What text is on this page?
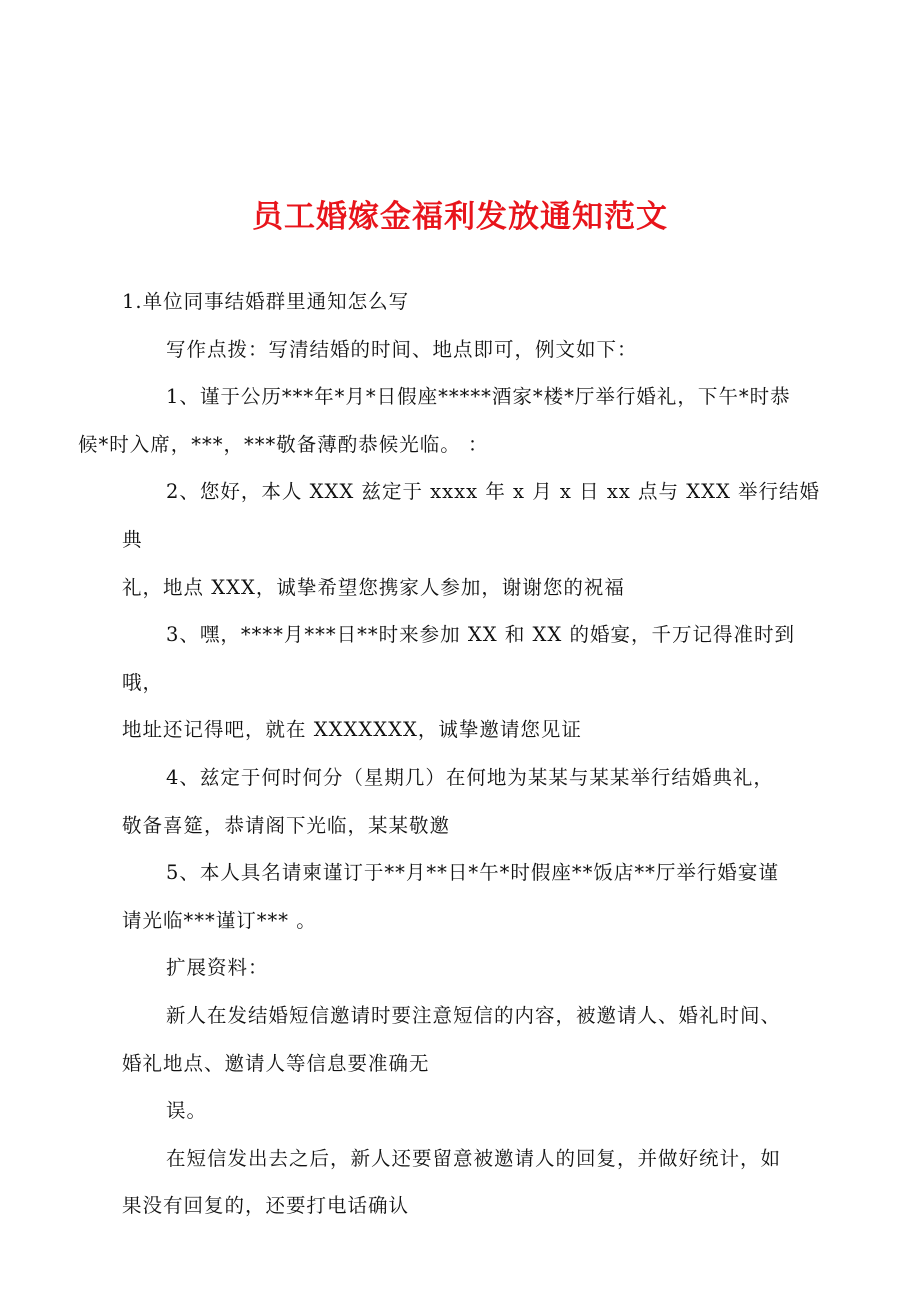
员工婚嫁金福利发放通知范文

1.单位同事结婚群里通知怎么写

写作点拨：写清结婚的时间、地点即可，例文如下：

1、谨于公历***年*月*日假座*****酒家*楼*厅举行婚礼，下午*时恭
候*时入席，***，***敬备薄酌恭候光临。 ：

2、您好，本人 XXX 兹定于 xxxx 年 x 月 x 日 xx 点与 XXX 举行结婚典
礼，地点 XXX，诚挚希望您携家人参加，谢谢您的祝福

3、嘿，****月***日**时来参加 XX 和 XX 的婚宴，千万记得准时到哦，
地址还记得吧，就在 XXXXXXX，诚挚邀请您见证

4、兹定于何时何分（星期几）在何地为某某与某某举行结婚典礼，
敬备喜筵，恭请阁下光临，某某敬邀

5、本人具名请柬谨订于**月**日*午*时假座**饭店**厅举行婚宴谨
请光临***谨订*** 。

扩展资料：

新人在发结婚短信邀请时要注意短信的内容，被邀请人、婚礼时间、
婚礼地点、邀请人等信息要准确无

误。

在短信发出去之后，新人还要留意被邀请人的回复，并做好统计，如
果没有回复的，还要打电话确认
